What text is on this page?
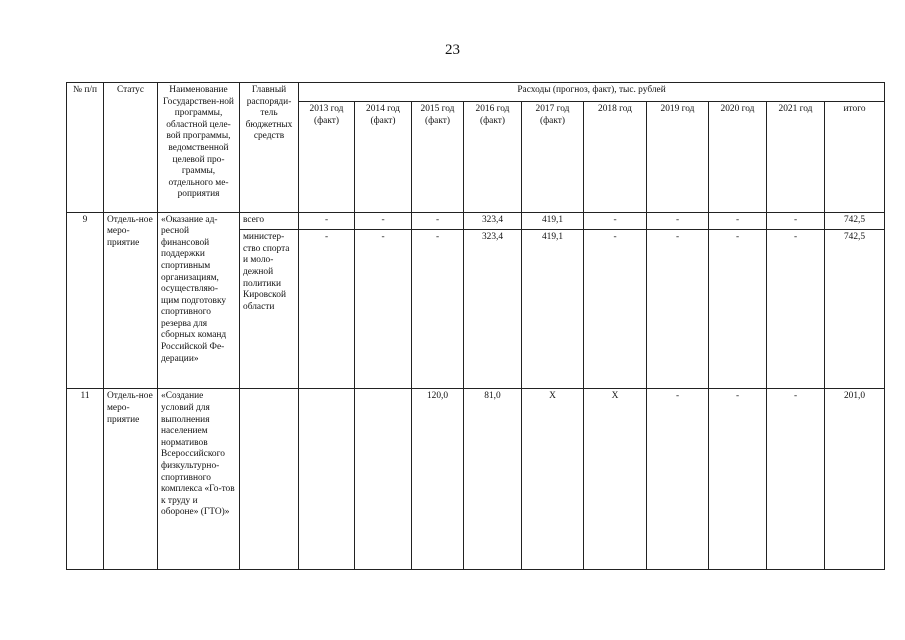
23
№ п/п	Статус	Наименование Государствен-ной программы, областной целе-вой программы, ведомственной целевой про-граммы, отдельного ме-роприятия	Главный распоряди-тель бюджетных средств	Расходы (прогноз, факт), тыс. рублей									
				2013 год (факт)	2014 год (факт)	2015 год (факт)	2016 год (факт)	2017 год (факт)	2018 год	2019 год	2020 год	2021 год	итого
9	Отдель-ное меро-приятие	«Оказание ад-ресной финансовой поддержки спортивным организациям, осуществляю-щим подготовку спортивного резерва для сборных команд Российской Фе-дерации»	всего	-	-	-	323,4	419,1	-	-	-	-	742,5
			министер-ство спорта и моло-дежной политики Кировской области	-	-	-	323,4	419,1	-	-	-	-	742,5
11	Отдель-ное меро-приятие	«Создание условий для выполнения населением нормативов Всероссийского физкультурно-спортивного комплекса «Го-тов к труду и обороне» (ГТО)»				120,0	81,0	Х	Х	-	-	-	201,0
